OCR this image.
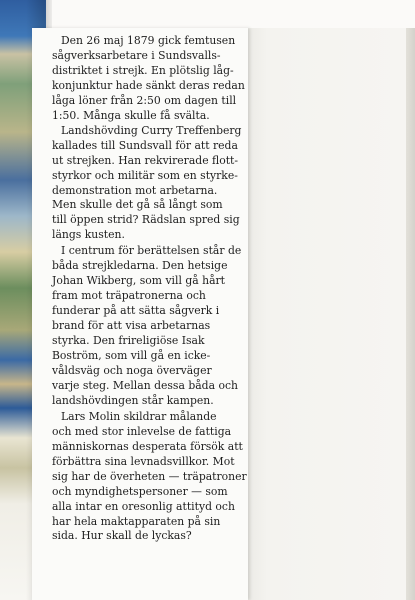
Den 26 maj 1879 gick femtusen

sågverksarbetare i Sundsvalls-

distriktet i strejk. En plötslig låg-

konjunktur hade sänkt deras redan

låga löner från 2:50 om dagen till

1:50. Många skulle få svälta.

Landshövding Curry Treffenberg

kallades till Sundsvall för att reda

ut strejken. Han rekvirerade flott-

styrkor och militär som en styrke-

demonstration mot arbetarna.

Men skulle det gå så långt som

till öppen strid? Rädslan spred sig

längs kusten.

I centrum för berättelsen står de

båda strejkledarna. Den hetsige

Johan Wikberg, som vill gå hårt

fram mot träpatronerna och

funderar på att sätta sågverk i

brand för att visa arbetarnas

styrka. Den frireligiöse Isak

Boström, som vill gå en icke-

våldsväg och noga överväger

varje steg. Mellan dessa båda och

landshövdingen står kampen.

Lars Molin skildrar målande

och med stor inlevelse de fattiga

människornas desperata försök att

förbättra sina levnadsvillkor. Mot

sig har de överheten — träpatroner

och myndighetspersoner — som

alla intar en oresonlig attityd och

har hela maktapparaten på sin

sida. Hur skall de lyckas?
